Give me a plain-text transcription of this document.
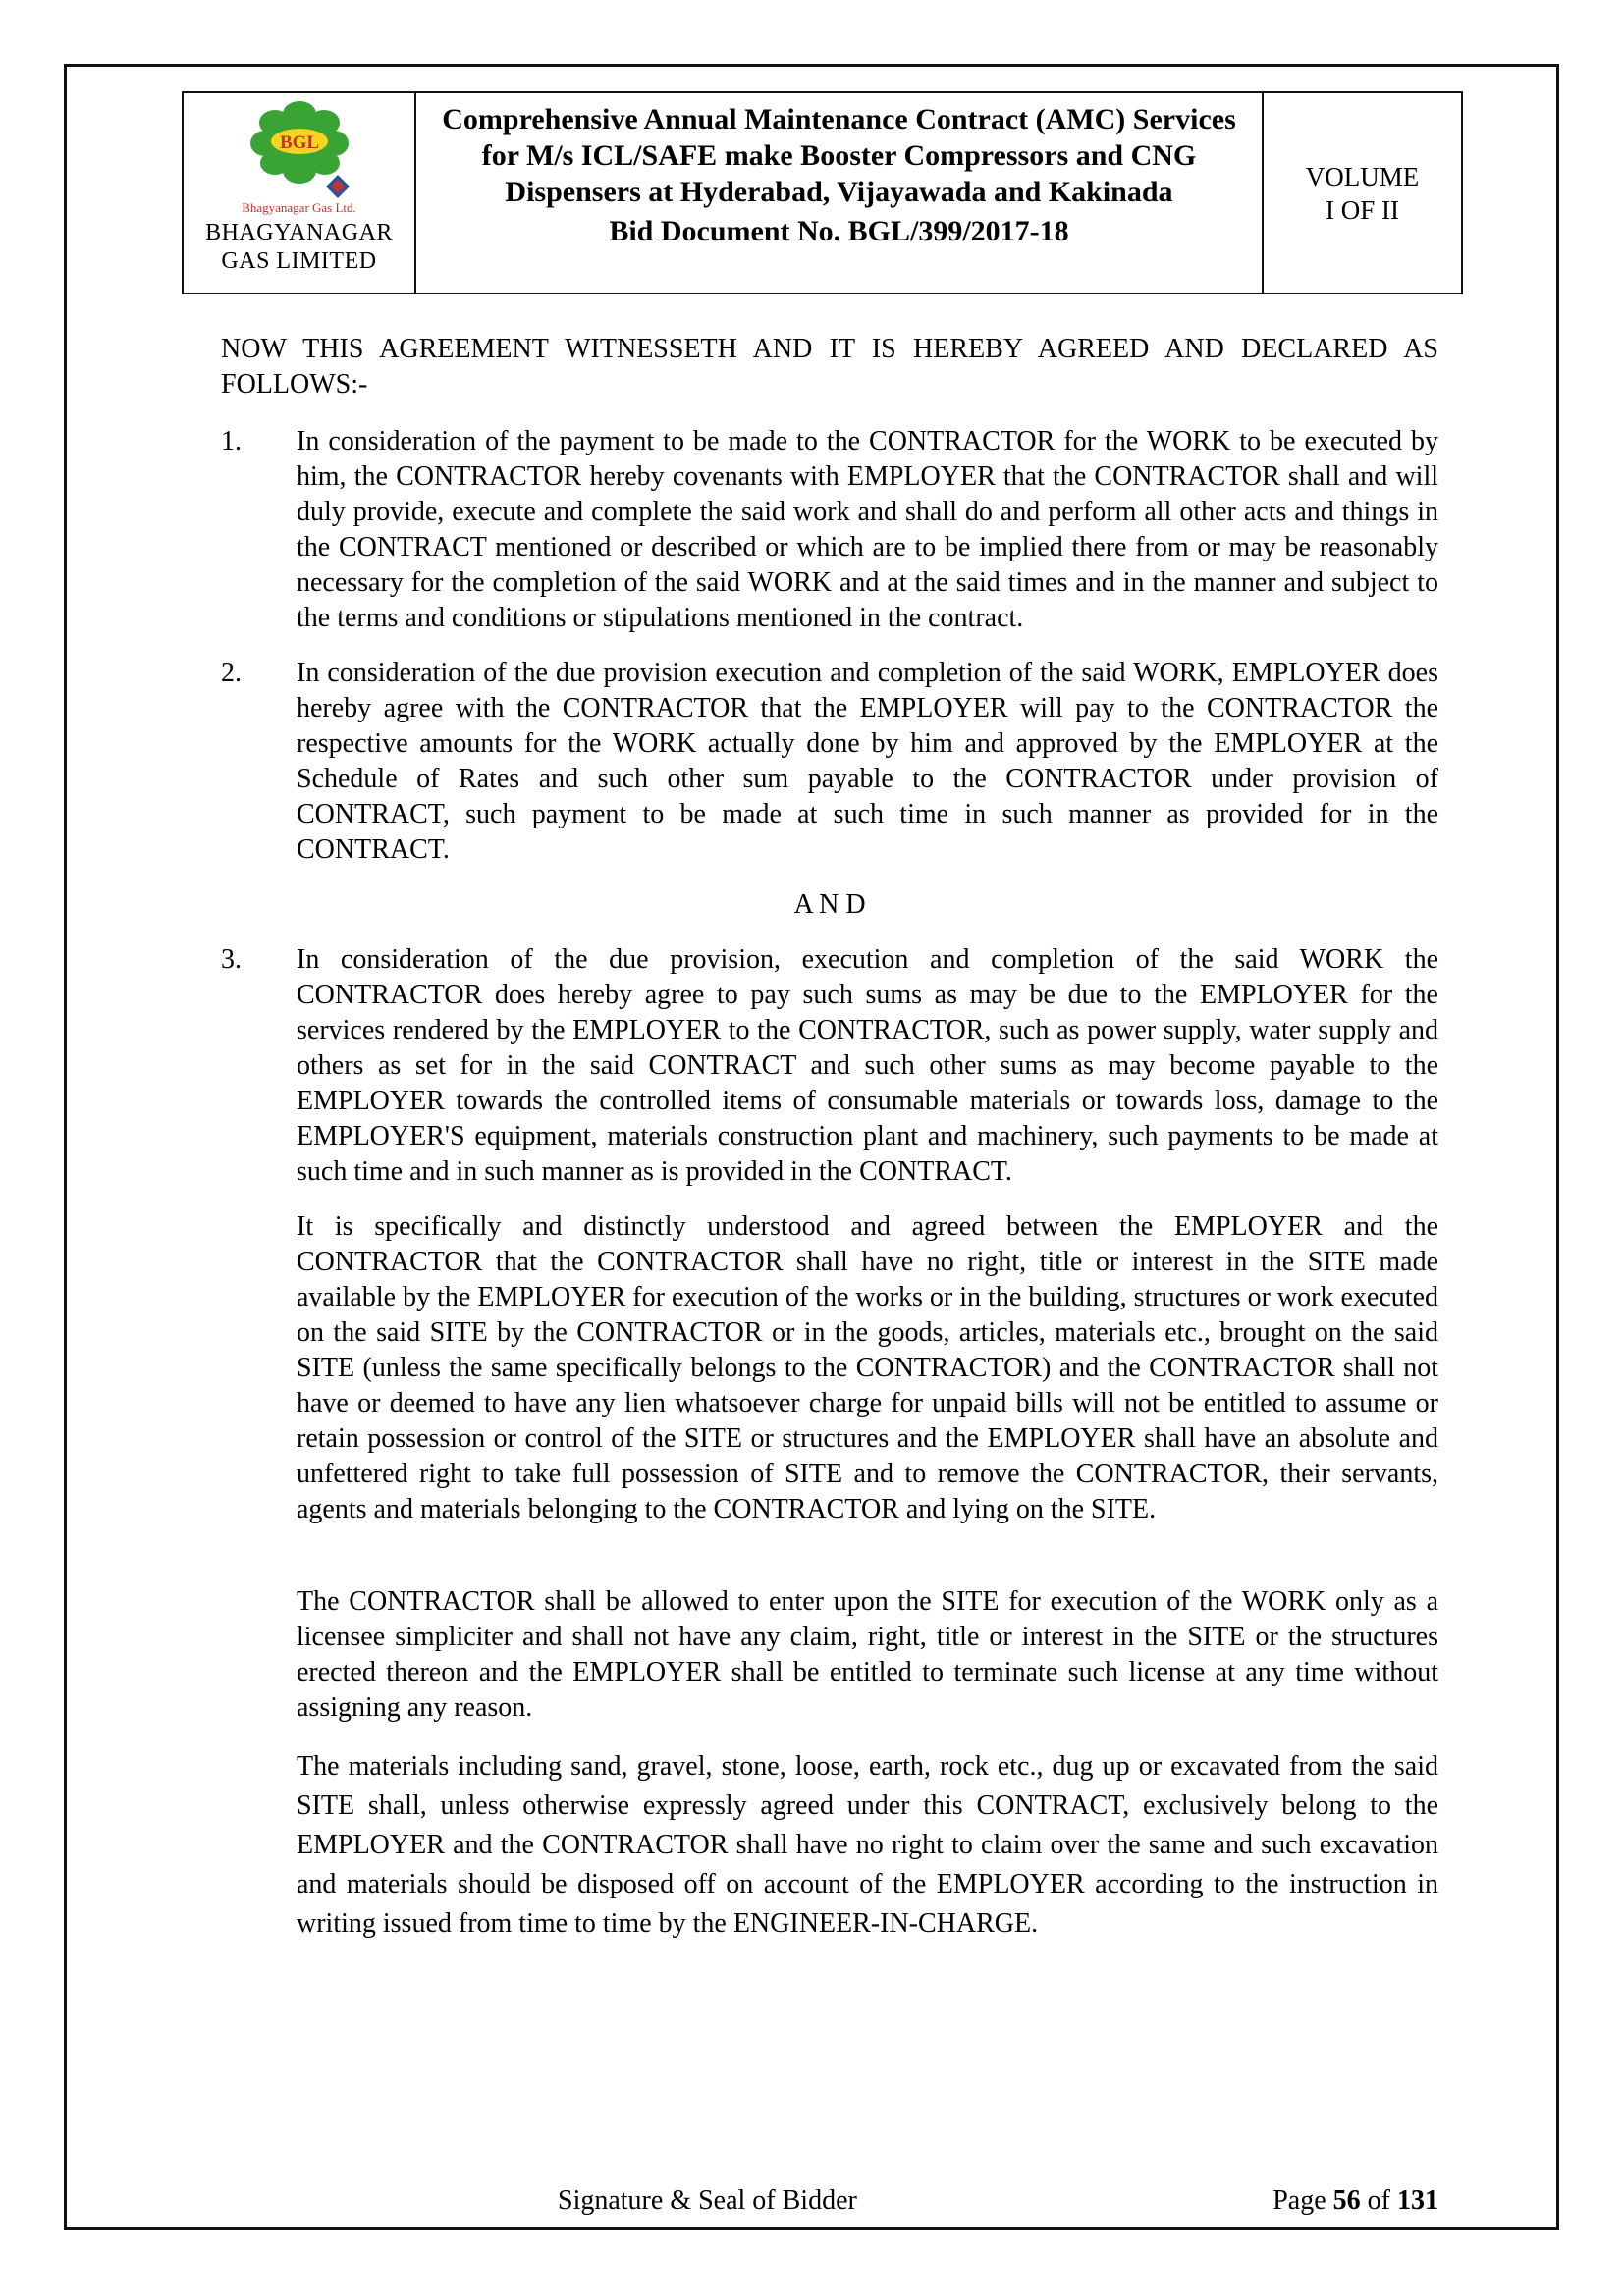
BGL
Bhagyanagar Gas Ltd.
BHAGYANAGAR
GAS LIMITED
Comprehensive Annual Maintenance Contract (AMC) Services for M/s ICL/SAFE make Booster Compressors and CNG Dispensers at Hyderabad, Vijayawada and Kakinada
Bid Document No. BGL/399/2017-18
VOLUME
I OF II

NOW THIS AGREEMENT WITNESSETH AND IT IS HEREBY AGREED AND DECLARED AS FOLLOWS:-

1.	In consideration of the payment to be made to the CONTRACTOR for the WORK to be executed by him, the CONTRACTOR hereby covenants with EMPLOYER that the CONTRACTOR shall and will duly provide, execute and complete the said work and shall do and perform all other acts and things in the CONTRACT mentioned or described or which are to be implied there from or may be reasonably necessary for the completion of the said WORK and at the said times and in the manner and subject to the terms and conditions or stipulations mentioned in the contract.
2.	In consideration of the due provision execution and completion of the said WORK, EMPLOYER does hereby agree with the CONTRACTOR that the EMPLOYER will pay to the CONTRACTOR the respective amounts for the WORK actually done by him and approved by the EMPLOYER at the Schedule of Rates and such other sum payable to the CONTRACTOR under provision of CONTRACT, such payment to be made at such time in such manner as provided for in the CONTRACT.

A N D

3.	In consideration of the due provision, execution and completion of the said WORK the CONTRACTOR does hereby agree to pay such sums as may be due to the EMPLOYER for the services rendered by the EMPLOYER to the CONTRACTOR, such as power supply, water supply and others as set for in the said CONTRACT and such other sums as may become payable to the EMPLOYER towards the controlled items of consumable materials or towards loss, damage to the EMPLOYER'S equipment, materials construction plant and machinery, such payments to be made at such time and in such manner as is provided in the CONTRACT.

It is specifically and distinctly understood and agreed between the EMPLOYER and the CONTRACTOR that the CONTRACTOR shall have no right, title or interest in the SITE made available by the EMPLOYER for execution of the works or in the building, structures or work executed on the said SITE by the CONTRACTOR or in the goods, articles, materials etc., brought on the said SITE (unless the same specifically belongs to the CONTRACTOR) and the CONTRACTOR shall not have or deemed to have any lien whatsoever charge for unpaid bills will not be entitled to assume or retain possession or control of the SITE or structures and the EMPLOYER shall have an absolute and unfettered right to take full possession of SITE and to remove the CONTRACTOR, their servants, agents and materials belonging to the CONTRACTOR and lying on the SITE.

The CONTRACTOR shall be allowed to enter upon the SITE for execution of the WORK only as a licensee simpliciter and shall not have any claim, right, title or interest in the SITE or the structures erected thereon and the EMPLOYER shall be entitled to terminate such license at any time without assigning any reason.

The materials including sand, gravel, stone, loose, earth, rock etc., dug up or excavated from the said SITE shall, unless otherwise expressly agreed under this CONTRACT, exclusively belong to the EMPLOYER and the CONTRACTOR shall have no right to claim over the same and such excavation and materials should be disposed off on account of the EMPLOYER according to the instruction in writing issued from time to time by the ENGINEER-IN-CHARGE.

Signature & Seal of Bidder	Page 56 of 131
